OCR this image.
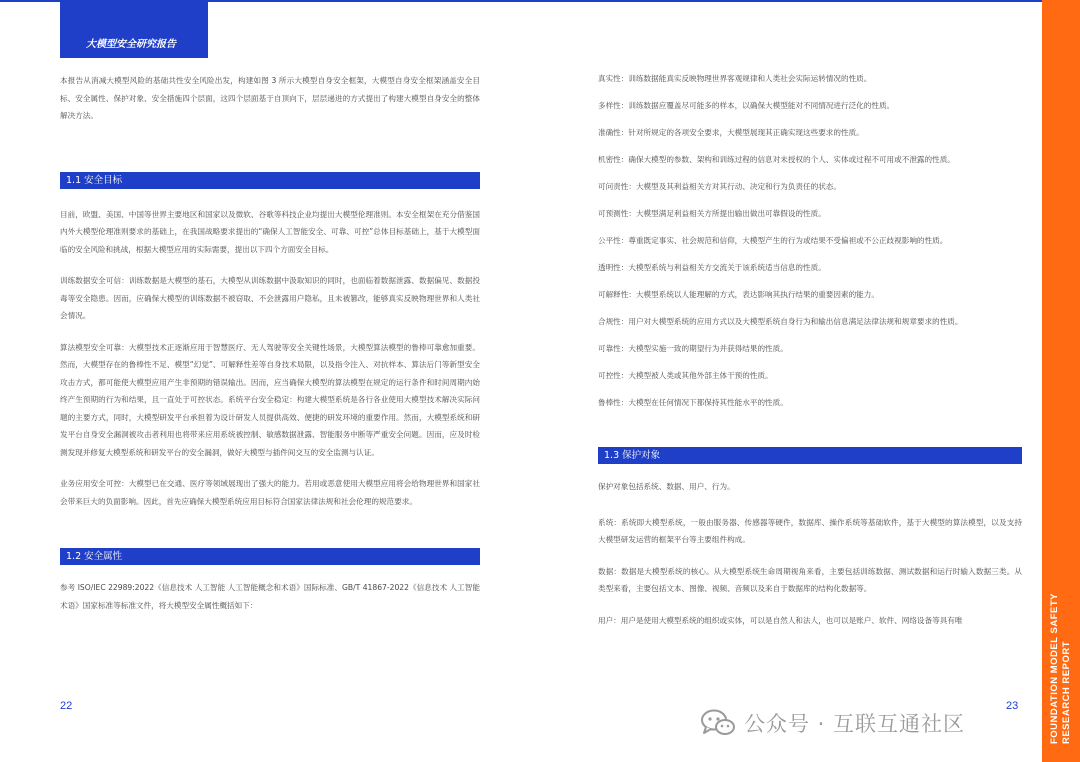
大模型安全研究报告
FOUNDATION MODEL SAFETY RESEARCH REPORT

本报告从消减大模型风险的基础共性安全风险出发，构建如图 3 所示大模型自身安全框架，大模型自身安全框架涵盖安全目标、安全属性、保护对象、安全措施四个层面，这四个层面基于自顶向下，层层递进的方式提出了构建大模型自身安全的整体解决方法。

1.1 安全目标

目前，欧盟、美国、中国等世界主要地区和国家以及微软、谷歌等科技企业均提出大模型伦理准则。本安全框架在充分借鉴国内外大模型伦理准则要求的基础上，在我国战略要求提出的“确保人工智能安全、可靠、可控”总体目标基础上，基于大模型面临的安全风险和挑战，根据大模型应用的实际需要，提出以下四个方面安全目标。

训练数据安全可信：训练数据是大模型的基石，大模型从训练数据中汲取知识的同时，也面临着数据泄露、数据偏见、数据投毒等安全隐患。因而，应确保大模型的训练数据不被窃取、不会泄露用户隐私，且未被篡改，能够真实反映物理世界和人类社会情况。

算法模型安全可靠：大模型技术正逐渐应用于智慧医疗、无人驾驶等安全关键性场景，大模型算法模型的鲁棒可靠愈加重要。然而，大模型存在的鲁棒性不足、模型“幻觉”、可解释性差等自身技术局限，以及指令注入、对抗样本、算法后门等新型安全攻击方式，都可能使大模型应用产生非预期的错误输出。因而，应当确保大模型的算法模型在规定的运行条件和时间周期内始终产生预期的行为和结果，且一直处于可控状态。系统平台安全稳定：构建大模型系统是各行各业使用大模型技术解决实际问题的主要方式，同时，大模型研发平台承担着为设计研发人员提供高效、便捷的研发环境的重要作用。然而，大模型系统和研发平台自身安全漏洞被攻击者利用也将带来应用系统被控制、敏感数据泄露、智能服务中断等严重安全问题。因而，应及时检测发现并修复大模型系统和研发平台的安全漏洞，做好大模型与插件间交互的安全监测与认证。

业务应用安全可控：大模型已在交通、医疗等领域展现出了强大的能力。若用或恶意使用大模型应用将会给物理世界和国家社会带来巨大的负面影响。因此，首先应确保大模型系统应用目标符合国家法律法规和社会伦理的规范要求。

1.2 安全属性

参考 ISO/IEC 22989:2022《信息技术 人工智能 人工智能概念和术语》国际标准、GB/T 41867-2022《信息技术 人工智能术语》国家标准等标准文件，将大模型安全属性概括如下：

22
真实性：训练数据能真实反映物理世界客观规律和人类社会实际运转情况的性质。
多样性：训练数据应覆盖尽可能多的样本，以确保大模型能对不同情况进行泛化的性质。
准确性：针对所规定的各项安全要求，大模型展现其正确实现这些要求的性质。
机密性：确保大模型的参数、架构和训练过程的信息对未授权的个人、实体或过程不可用或不泄露的性质。
可问责性：大模型及其利益相关方对其行动、决定和行为负责任的状态。
可预测性：大模型满足利益相关方所提出输出做出可靠假设的性质。
公平性：尊重既定事实、社会规范和信仰，大模型产生的行为或结果不受偏袒或不公正歧视影响的性质。
透明性：大模型系统与利益相关方交流关于该系统适当信息的性质。
可解释性：大模型系统以人能理解的方式，表达影响其执行结果的重要因素的能力。
合规性：用户对大模型系统的应用方式以及大模型系统自身行为和输出信息满足法律法规和规章要求的性质。
可靠性：大模型实施一致的期望行为并获得结果的性质。
可控性：大模型被人类或其他外部主体干预的性质。
鲁棒性：大模型在任何情况下都保持其性能水平的性质。
1.3 保护对象

保护对象包括系统、数据、用户、行为。

系统：系统即大模型系统，一般由服务器、传感器等硬件，数据库、操作系统等基础软件，基于大模型的算法模型，以及支持大模型研发运营的框架平台等主要组件构成。

数据：数据是大模型系统的核心。从大模型系统生命周期视角来看，主要包括训练数据、测试数据和运行时输入数据三类。从类型来看，主要包括文本、图像、视频、音频以及来自于数据库的结构化数据等。

用户：用户是使用大模型系统的组织或实体，可以是自然人和法人，也可以是账户、软件、网络设备等具有唯

23
公众号 · 互联互通社区
